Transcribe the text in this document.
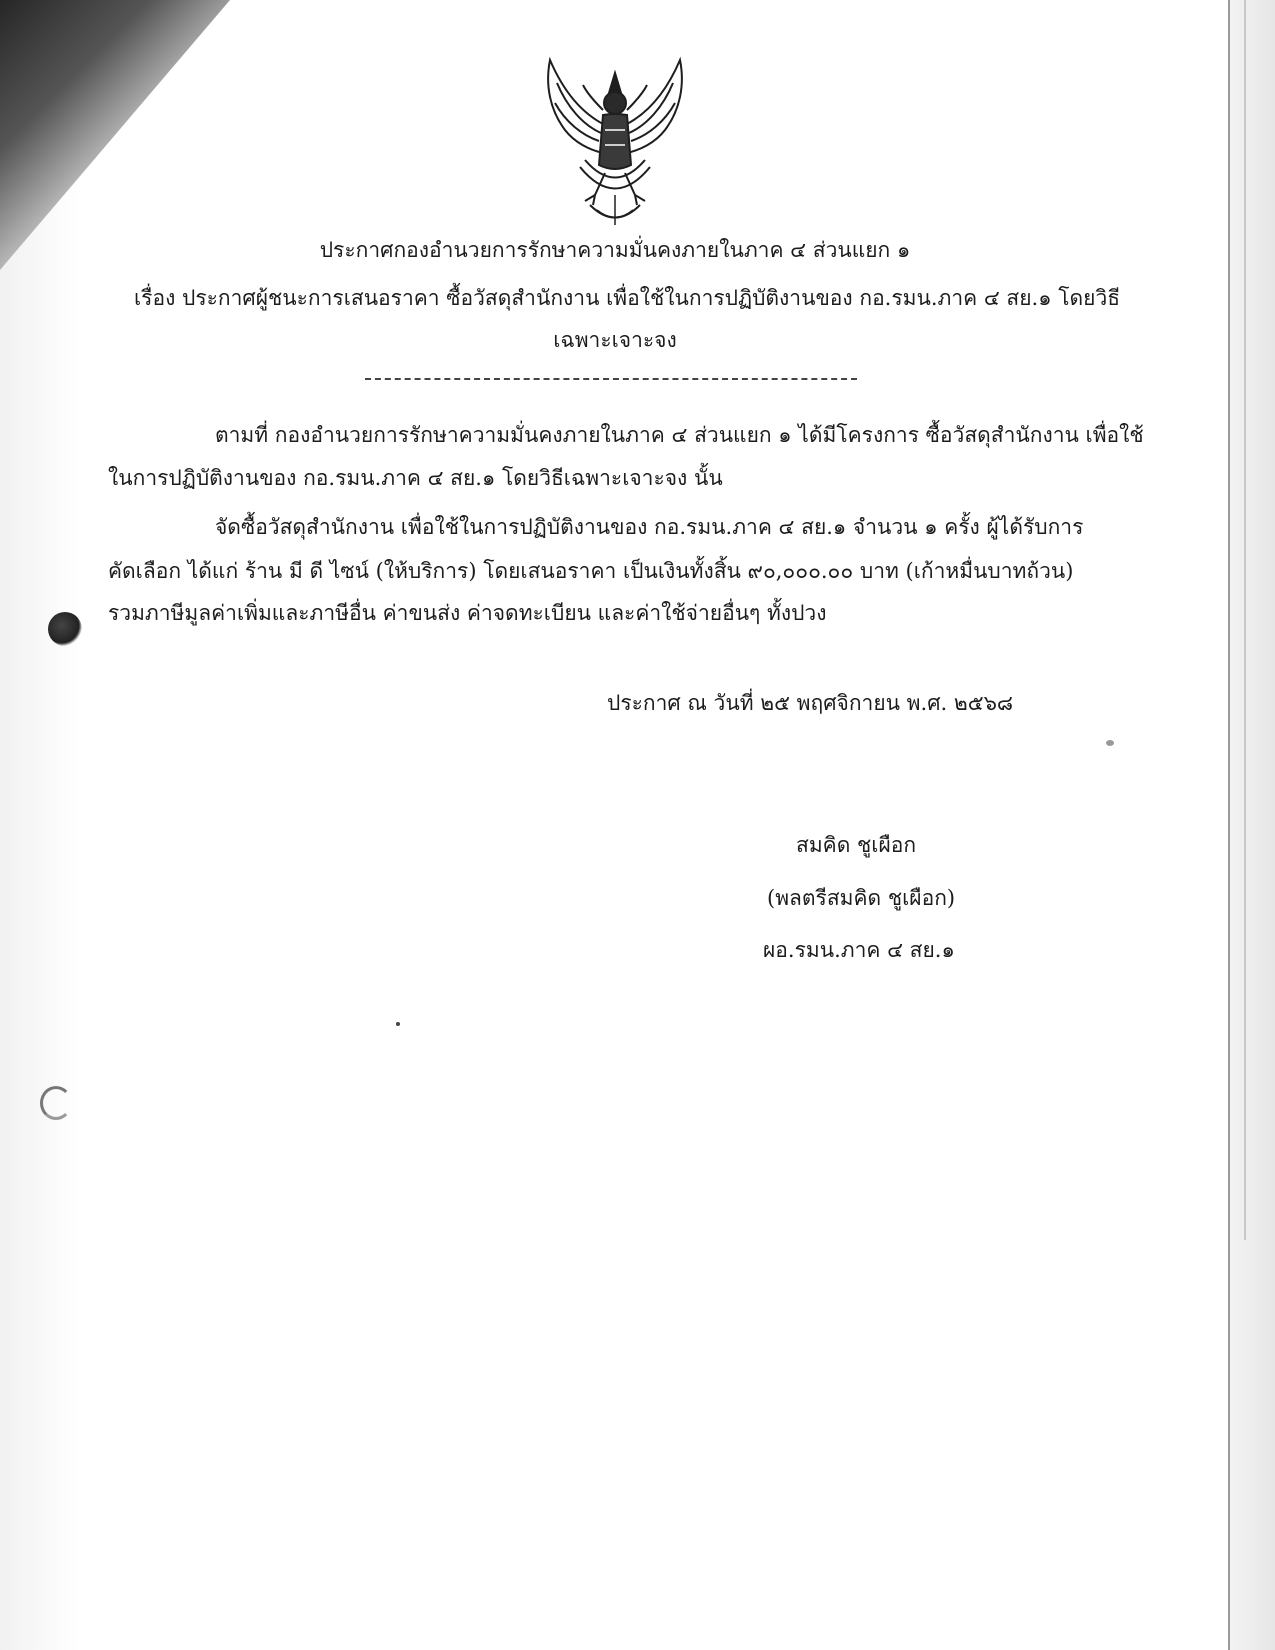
ประกาศกองอำนวยการรักษาความมั่นคงภายในภาค ๔ ส่วนแยก ๑
เรื่อง ประกาศผู้ชนะการเสนอราคา ซื้อวัสดุสำนักงาน เพื่อใช้ในการปฏิบัติงานของ กอ.รมน.ภาค ๔ สย.๑ โดยวิธี
เฉพาะเจาะจง
ตามที่ กองอำนวยการรักษาความมั่นคงภายในภาค ๔ ส่วนแยก ๑ ได้มีโครงการ ซื้อวัสดุสำนักงาน เพื่อใช้
ในการปฏิบัติงานของ กอ.รมน.ภาค ๔ สย.๑ โดยวิธีเฉพาะเจาะจง นั้น
จัดซื้อวัสดุสำนักงาน เพื่อใช้ในการปฏิบัติงานของ กอ.รมน.ภาค ๔ สย.๑ จำนวน ๑ ครั้ง ผู้ได้รับการ
คัดเลือก ได้แก่ ร้าน มี ดี ไซน์ (ให้บริการ) โดยเสนอราคา เป็นเงินทั้งสิ้น ๙๐,๐๐๐.๐๐ บาท (เก้าหมื่นบาทถ้วน)
รวมภาษีมูลค่าเพิ่มและภาษีอื่น ค่าขนส่ง ค่าจดทะเบียน และค่าใช้จ่ายอื่นๆ ทั้งปวง
ประกาศ ณ วันที่ ๒๕ พฤศจิกายน พ.ศ. ๒๕๖๘
สมคิด ชูเผือก
(พลตรีสมคิด ชูเผือก)
ผอ.รมน.ภาค ๔ สย.๑
